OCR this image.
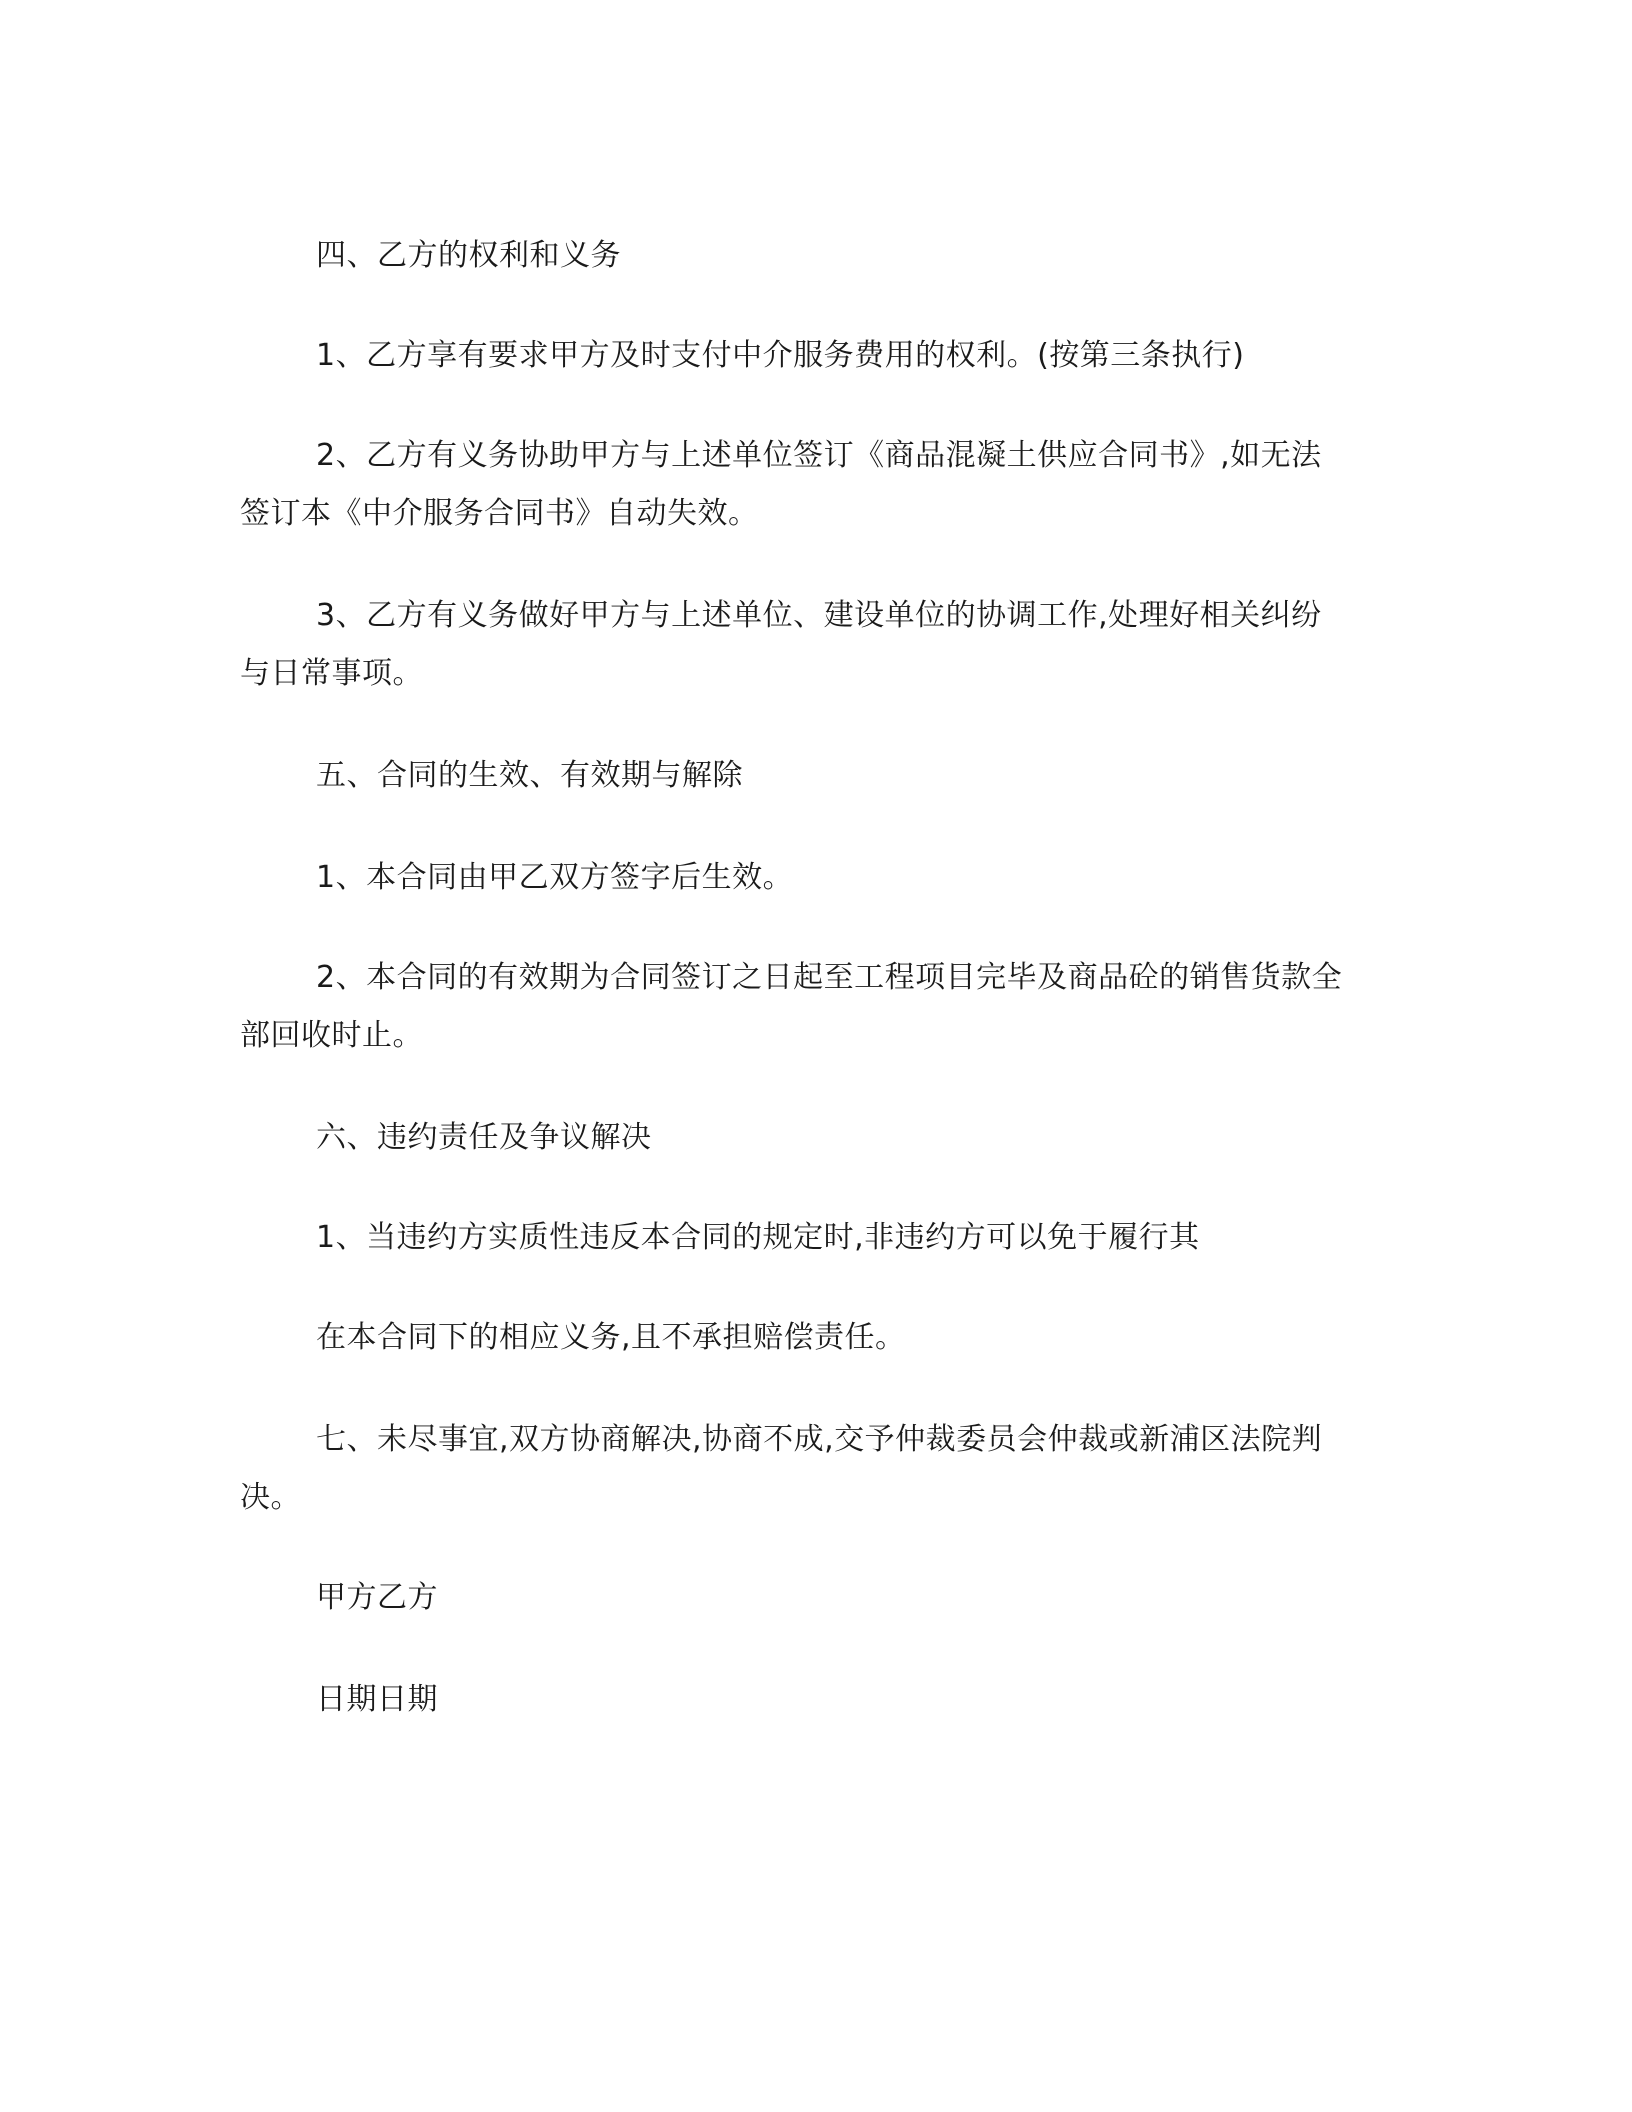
四、乙方的权利和义务
1、乙方享有要求甲方及时支付中介服务费用的权利。(按第三条执行)
2、乙方有义务协助甲方与上述单位签订《商品混凝土供应合同书》,如无法
签订本《中介服务合同书》自动失效。
3、乙方有义务做好甲方与上述单位、建设单位的协调工作,处理好相关纠纷
与日常事项。
五、合同的生效、有效期与解除
1、本合同由甲乙双方签字后生效。
2、本合同的有效期为合同签订之日起至工程项目完毕及商品砼的销售货款全
部回收时止。
六、违约责任及争议解决
1、当违约方实质性违反本合同的规定时,非违约方可以免于履行其
在本合同下的相应义务,且不承担赔偿责任。
七、未尽事宜,双方协商解决,协商不成,交予仲裁委员会仲裁或新浦区法院判
决。
甲方乙方
日期日期
